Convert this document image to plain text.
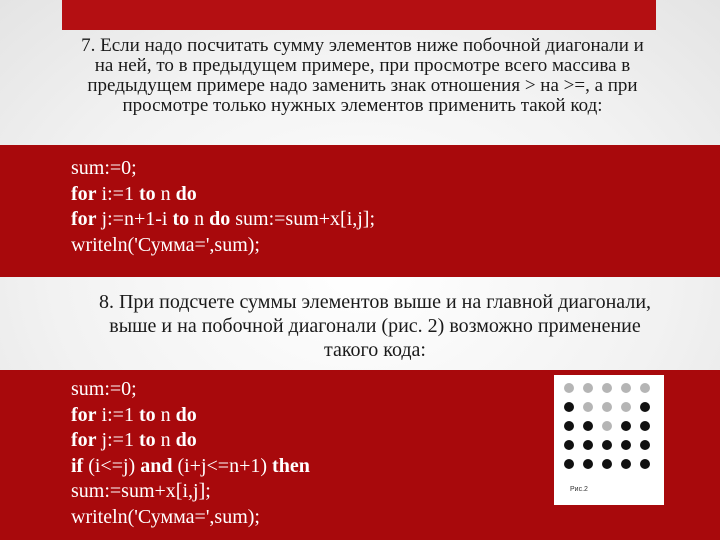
7. Если надо посчитать сумму элементов ниже побочной диагонали и на ней, то в предыдущем примере, при просмотре всего массива в предыдущем примере надо заменить знак отношения > на >=, а при просмотре только нужных элементов применить такой код:

sum:=0;
for i:=1 to n do
for j:=n+1-i to n do sum:=sum+x[i,j];
writeln('Сумма=',sum);

8. При подсчете суммы элементов выше и на главной диагонали, выше и на побочной диагонали (рис. 2) возможно применение такого кода:

sum:=0;
for i:=1 to n do
for j:=1 to n do
if (i<=j) and (i+j<=n+1) then
sum:=sum+x[i,j];
writeln('Сумма=',sum);
Рис.2
